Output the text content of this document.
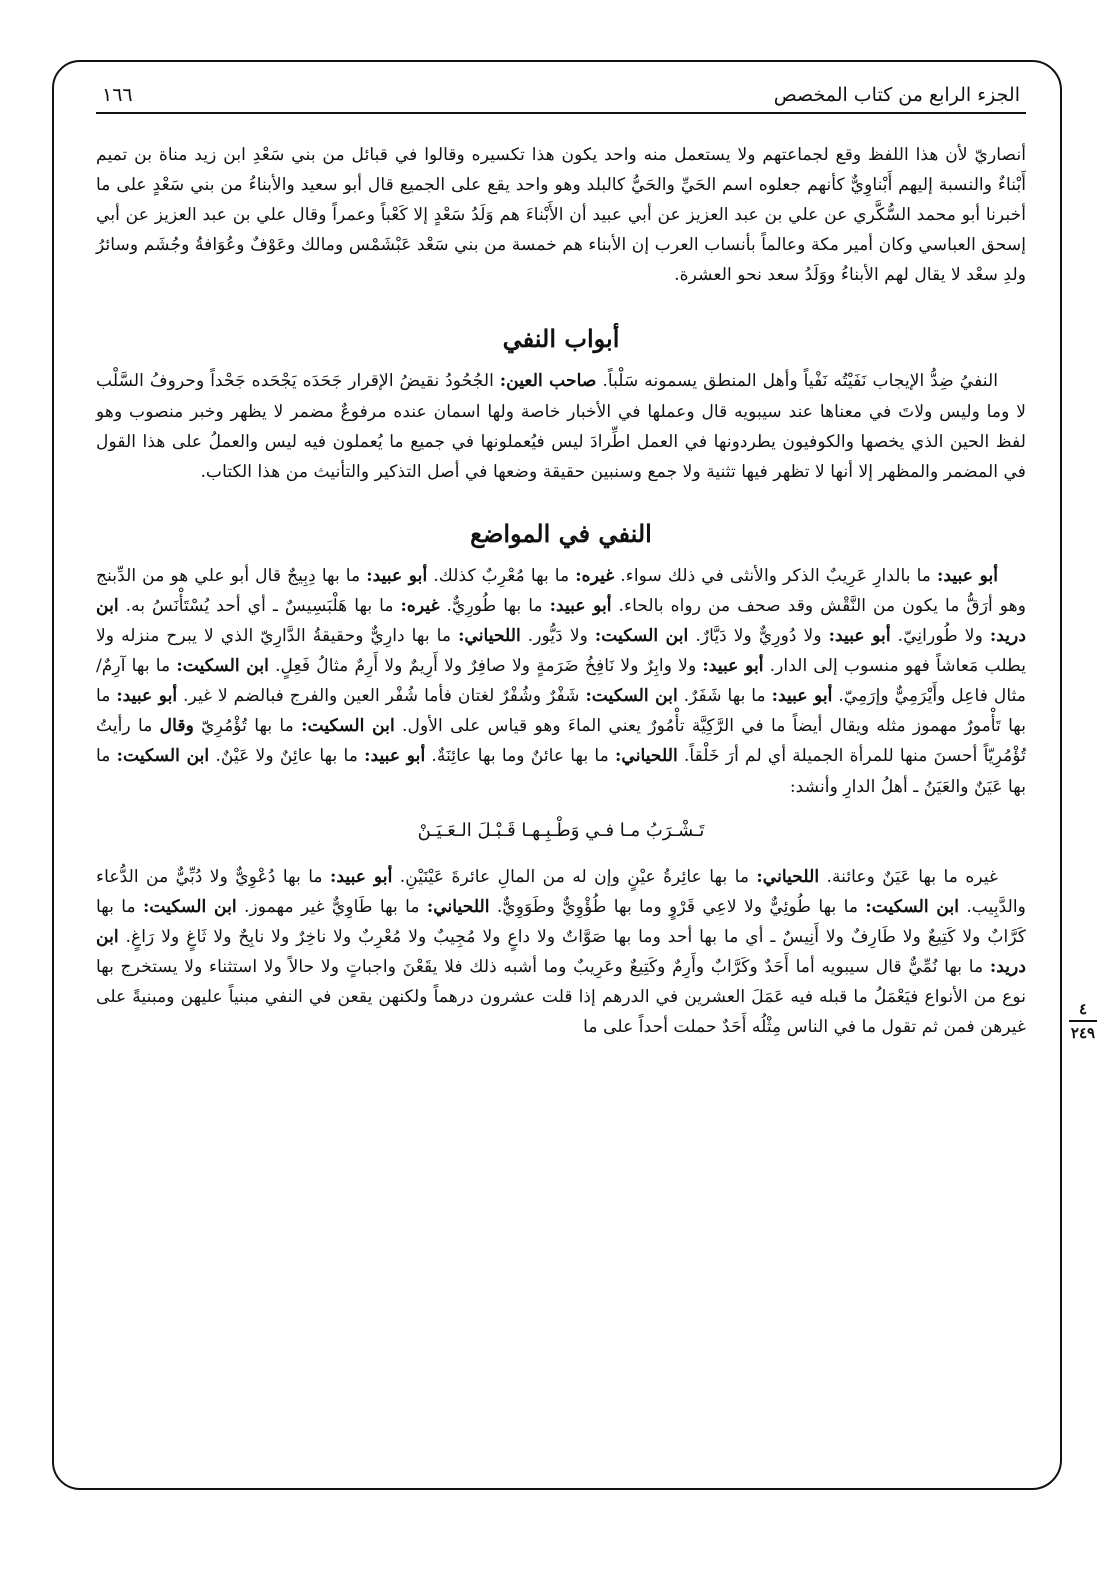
٤
٢٤٩
الجزء الرابع من كتاب المخصص
١٦٦

أنصاريّ لأن هذا اللفظ وقع لجماعتهم ولا يستعمل منه واحد يكون هذا تكسيره وقالوا في قبائل من بني سَعْدِ ابن زيد مناة بن تميم أَبْناءٌ والنسبة إليهم أَبْناوِيٌّ كأنهم جعلوه اسم الحَيِّ والحَيُّ كالبلد وهو واحد يقع على الجميع قال أبو سعيد والأبناءُ من بني سَعْدٍ على ما أخبرنا أبو محمد السُّكَّري عن علي بن عبد العزيز عن أبي عبيد أن الأَبْناءَ هم وَلَدُ سَعْدٍ إلا كَعْباً وعمراً وقال علي بن عبد العزيز عن أبي إسحق العباسي وكان أمير مكة وعالماً بأنساب العرب إن الأبناء هم خمسة من بني سَعْد عَبْشَمْس ومالك وعَوْفٌ وعُوَافةُ وجُشَم وسائرُ ولدِ سعْد لا يقال لهم الأبناءُ ووَلَدُ سعد نحو العشرة.

أبواب النفي

النفيُ ضِدُّ الإيجاب نَفَيْتُه نَفْياً وأهل المنطق يسمونه سَلْباً. صاحب العين: الجُحُودُ نقيضُ الإقرار جَحَدَه يَجْحَده جَحْداً وحروفُ السَّلْب لا وما وليس ولاتَ في معناها عند سيبويه قال وعملها في الأخبار خاصة ولها اسمان عنده مرفوعٌ مضمر لا يظهر وخبر منصوب وهو لفظ الحين الذي يخصها والكوفيون يطردونها في العمل اطِّرادَ ليس فيُعملونها في جميع ما يُعملون فيه ليس والعملُ على هذا القول في المضمر والمظهر إلا أنها لا تظهر فيها تثنية ولا جمع وسنبين حقيقة وضعها في أصل التذكير والتأنيث من هذا الكتاب.

النفي في المواضع

أبو عبيد: ما بالدارِ عَرِيبٌ الذكر والأنثى في ذلك سواء. غيره: ما بها مُعْرِبٌ كذلك. أبو عبيد: ما بها دِبِيجٌ قال أبو علي هو من الدِّبنج وهو أرَقُّ ما يكون من النَّقْش وقد صحف من رواه بالحاء. أبو عبيد: ما بها طُورِيٌّ. غيره: ما بها هَلْبَسِيسٌ ـ أي أحد يُسْتَأْنَسُ به. ابن دريد: ولا طُورانِيّ. أبو عبيد: ولا دُورِيٌّ ولا دَيَّارٌ. ابن السكيت: ولا دَيُّور. اللحياني: ما بها دارِيٌّ وحقيقةُ الدَّارِيّ الذي لا يبرح منزله ولا يطلب مَعاشاً فهو منسوب إلى الدار. أبو عبيد: ولا وابِرٌ ولا نَافِخُ ضَرَمةٍ ولا صافِرٌ ولا أَرِيمٌ ولا أَرِمٌ مثالُ فَعِلٍ. ابن السكيت: ما بها آرِمٌ/ مثال فاعِل وأَيْرَمِيٌّ وإرَمِيّ. أبو عبيد: ما بها شَفَرٌ. ابن السكيت: شَفْرٌ وشُفْرٌ لغتان فأما شُفْر العين والفرج فبالضم لا غير. أبو عبيد: ما بها تَأْمورٌ مهموز مثله ويقال أيضاً ما في الرَّكِيَّة تأْمُورٌ يعني الماءَ وهو قياس على الأول. ابن السكيت: ما بها تُؤْمُرِيّ وقال ما رأيتُ تُؤْمُرِيّاً أحسنَ منها للمرأة الجميلة أي لم أرَ خَلْقاً. اللحياني: ما بها عائنٌ وما بها عائِنَةٌ. أبو عبيد: ما بها عائِنٌ ولا عَيْنٌ. ابن السكيت: ما بها عَيَنٌ والعَيَنُ ـ أهلُ الدارِ وأنشد:

تَـشْـرَبُ مـا فـي وَطْـبِـهـا قَـبْـلَ الـعَـيَـنْ

غيره ما بها عَيَنٌ وعائنة. اللحياني: ما بها عائِرةُ عيْنٍ وإن له من المالِ عائرةَ عَيْنَيْنِ. أبو عبيد: ما بها دُعْوِيٌّ ولا دُبِّيٌّ من الدُّعاء والدَّبِيب. ابن السكيت: ما بها طُوئِيٌّ ولا لاعِي قَرْوٍ وما بها طُؤْوِيٌّ وطَوَوِيٌّ. اللحياني: ما بها طَاوِيٌّ غير مهموز. ابن السكيت: ما بها كَرَّابٌ ولا كَتِيعٌ ولا طَارِفٌ ولا أَنِيسٌ ـ أي ما بها أحد وما بها صَوَّاتٌ ولا داعٍ ولا مُجِيبٌ ولا مُعْرِبٌ ولا ناخِرٌ ولا نابِحٌ ولا ثَاغٍ ولا رَاغٍ. ابن دريد: ما بها نُمِّيٌّ قال سيبويه أما أَحَدٌ وكَرَّابٌ وأَرِمٌ وكَتِيعٌ وعَرِيبٌ وما أشبه ذلك فلا يقَعْنَ واجباتٍ ولا حالاً ولا استثناء ولا يستخرج بها نوع من الأنواع فيَعْمَلُ ما قبله فيه عَمَلَ العشرين في الدرهم إذا قلت عشرون درهماً ولكنهن يقعن في النفي مبنياً عليهن ومبنيةً على غيرهن فمن ثم تقول ما في الناس مِثْلُه أَحَدٌ حملت أحداً على ما
